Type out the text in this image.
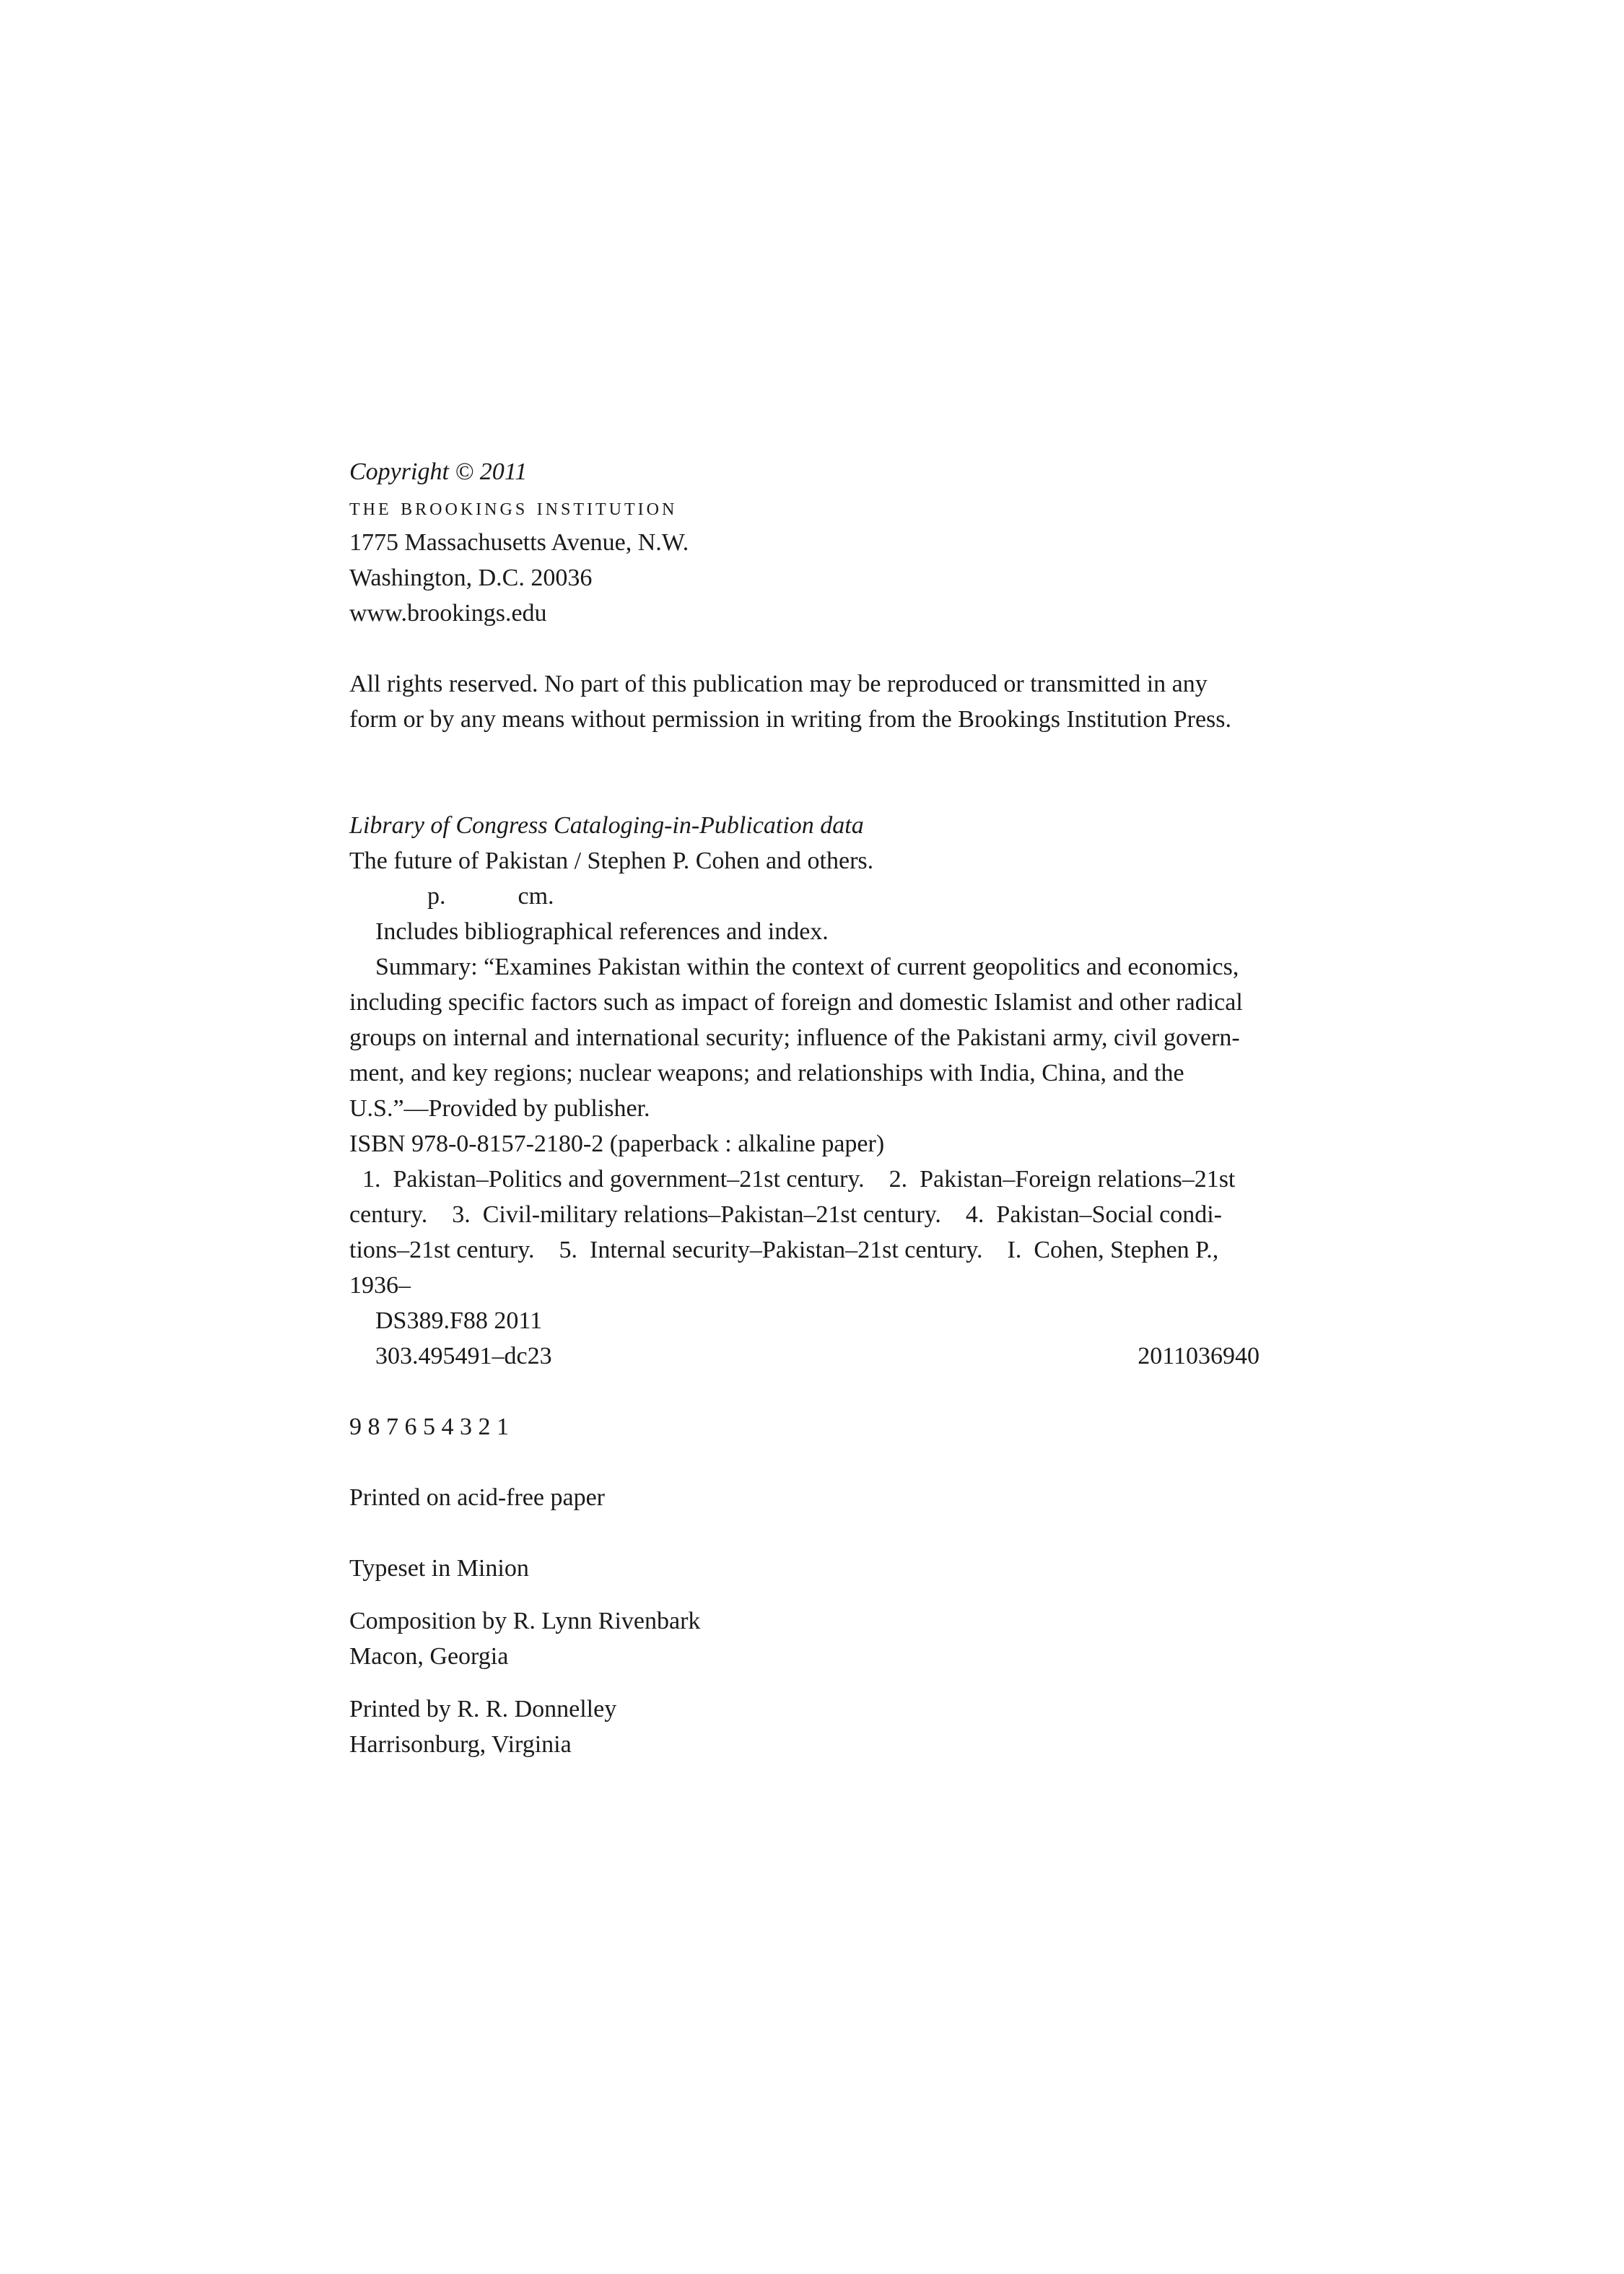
Copyright © 2011
the brookings institution
1775 Massachusetts Avenue, N.W.
Washington, D.C. 20036
www.brookings.edu
All rights reserved. No part of this publication may be reproduced or transmitted in any
form or by any means without permission in writing from the Brookings Institution Press.
Library of Congress Cataloging-in-Publication data
The future of Pakistan / Stephen P. Cohen and others.
p.	cm.
Includes bibliographical references and index.
Summary: “Examines Pakistan within the context of current geopolitics and economics,
including specific factors such as impact of foreign and domestic Islamist and other radical
groups on internal and international security; influence of the Pakistani army, civil govern-
ment, and key regions; nuclear weapons; and relationships with India, China, and the
U.S.”—Provided by publisher.
ISBN 978-0-8157-2180-2 (paperback : alkaline paper)
1.  Pakistan–Politics and government–21st century.    2.  Pakistan–Foreign relations–21st
century.    3.  Civil-military relations–Pakistan–21st century.    4.  Pakistan–Social condi-
tions–21st century.    5.  Internal security–Pakistan–21st century.    I.  Cohen, Stephen P.,
1936–
DS389.F88 2011
303.495491–dc23	2011036940
9 8 7 6 5 4 3 2 1
Printed on acid-free paper
Typeset in Minion
Composition by R. Lynn Rivenbark
Macon, Georgia
Printed by R. R. Donnelley
Harrisonburg, Virginia
